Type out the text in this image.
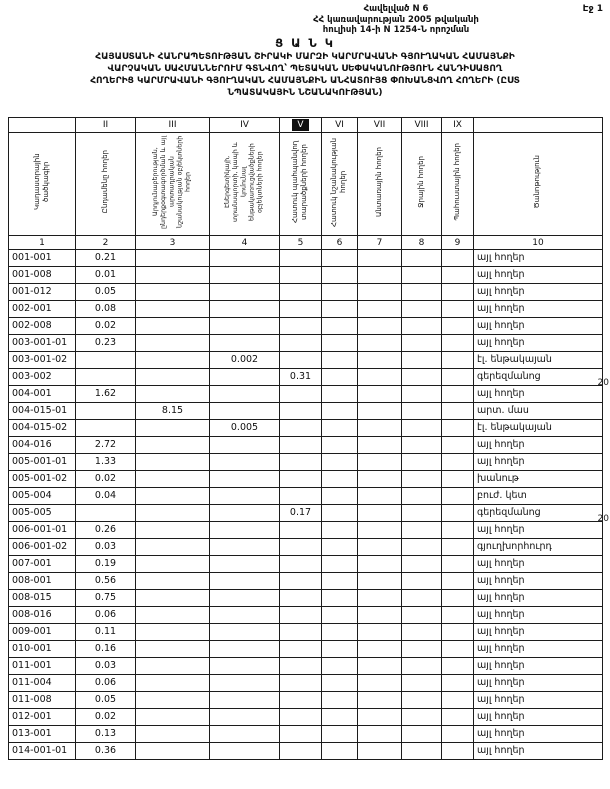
Հավելված N 6
ՀՀ կառավարության 2005 թվականի
հուլիսի 14-ի N 1254-Ն որոշման
Էջ 1
Ց Ա Ն Կ
ՀԱՅԱՍՏԱՆԻ ՀԱՆՐԱՊԵՏՈՒԹՅԱՆ ՇԻՐԱԿԻ ՄԱՐԶԻ ԿԱՐՄՐԱՎԱՆԻ ԳՅՈՒՂԱԿԱՆ ՀԱՄԱՅՆՔԻ
ՎԱՐՉԱԿԱՆ ՍԱՀՄԱՆՆԵՐՈՒՄ ԳՏՆՎՈՂ՝ ՊԵՏԱԿԱՆ ՍԵՓԱԿԱՆՈՒԹՅՈՒՆ ՀԱՆԴԻՍԱՑՈՂ
ՀՈՂԵՐԻՑ ԿԱՐՄՐԱՎԱՆԻ ԳՅՈՒՂԱԿԱՆ ՀԱՄԱՅՆՔԻՆ ԱՆՀԱՏՈՒՅՑ ՓՈԽԱՆՑՎՈՂ ՀՈՂԵՐԻ (ԸՍՏ
ՆՊԱՏԱԿԱՅԻՆ ՆՇԱՆԱԿՈՒԹՅԱՆ)
	II	III	IV	V	VI	VII	VIII	IX	
Կադաստրային ծածկագիր	Ընդամենը հողեր	Արդյունաբերության, ընդերքօգտագործման և այլ արտադրական նշանակության օբյեկտների հողեր	Էներգետիկայի, տրանսպորտի, կապի և կոմունալ ենթակառուցվածքների օբյեկտների հողեր	Հատուկ պահպանվող տարածքների հողեր	Հատուկ նշանակության հողեր	Անտառային հողեր	Ջրային հողեր	Պահուստային հողեր	Ծանոթություն
1	2	3	4	5	6	7	8	9	10
001-001	0.21								այլ հողեր
001-008	0.01								այլ հողեր
001-012	0.05								այլ հողեր
002-001	0.08								այլ հողեր
002-008	0.02								այլ հողեր
003-001-01	0.23								այլ հողեր
003-001-02			0.002						էլ. ենթակայան
003-002				0.31					գերեզմանոց
004-001	1.62								այլ հողեր
004-015-01		8.15							արտ. մաս
004-015-02			0.005						էլ. ենթակայան
004-016	2.72								այլ հողեր
005-001-01	1.33								այլ հողեր
005-001-02	0.02								խանութ
005-004	0.04								բուժ. կետ
005-005				0.17					գերեզմանոց
006-001-01	0.26								այլ հողեր
006-001-02	0.03								գյուղխորհուրդ
007-001	0.19								այլ հողեր
008-001	0.56								այլ հողեր
008-015	0.75								այլ հողեր
008-016	0.06								այլ հողեր
009-001	0.11								այլ հողեր
010-001	0.16								այլ հողեր
011-001	0.03								այլ հողեր
011-004	0.06								այլ հողեր
011-008	0.05								այլ հողեր
012-001	0.02								այլ հողեր
013-001	0.13								այլ հողեր
014-001-01	0.36								այլ հողեր
20
20
